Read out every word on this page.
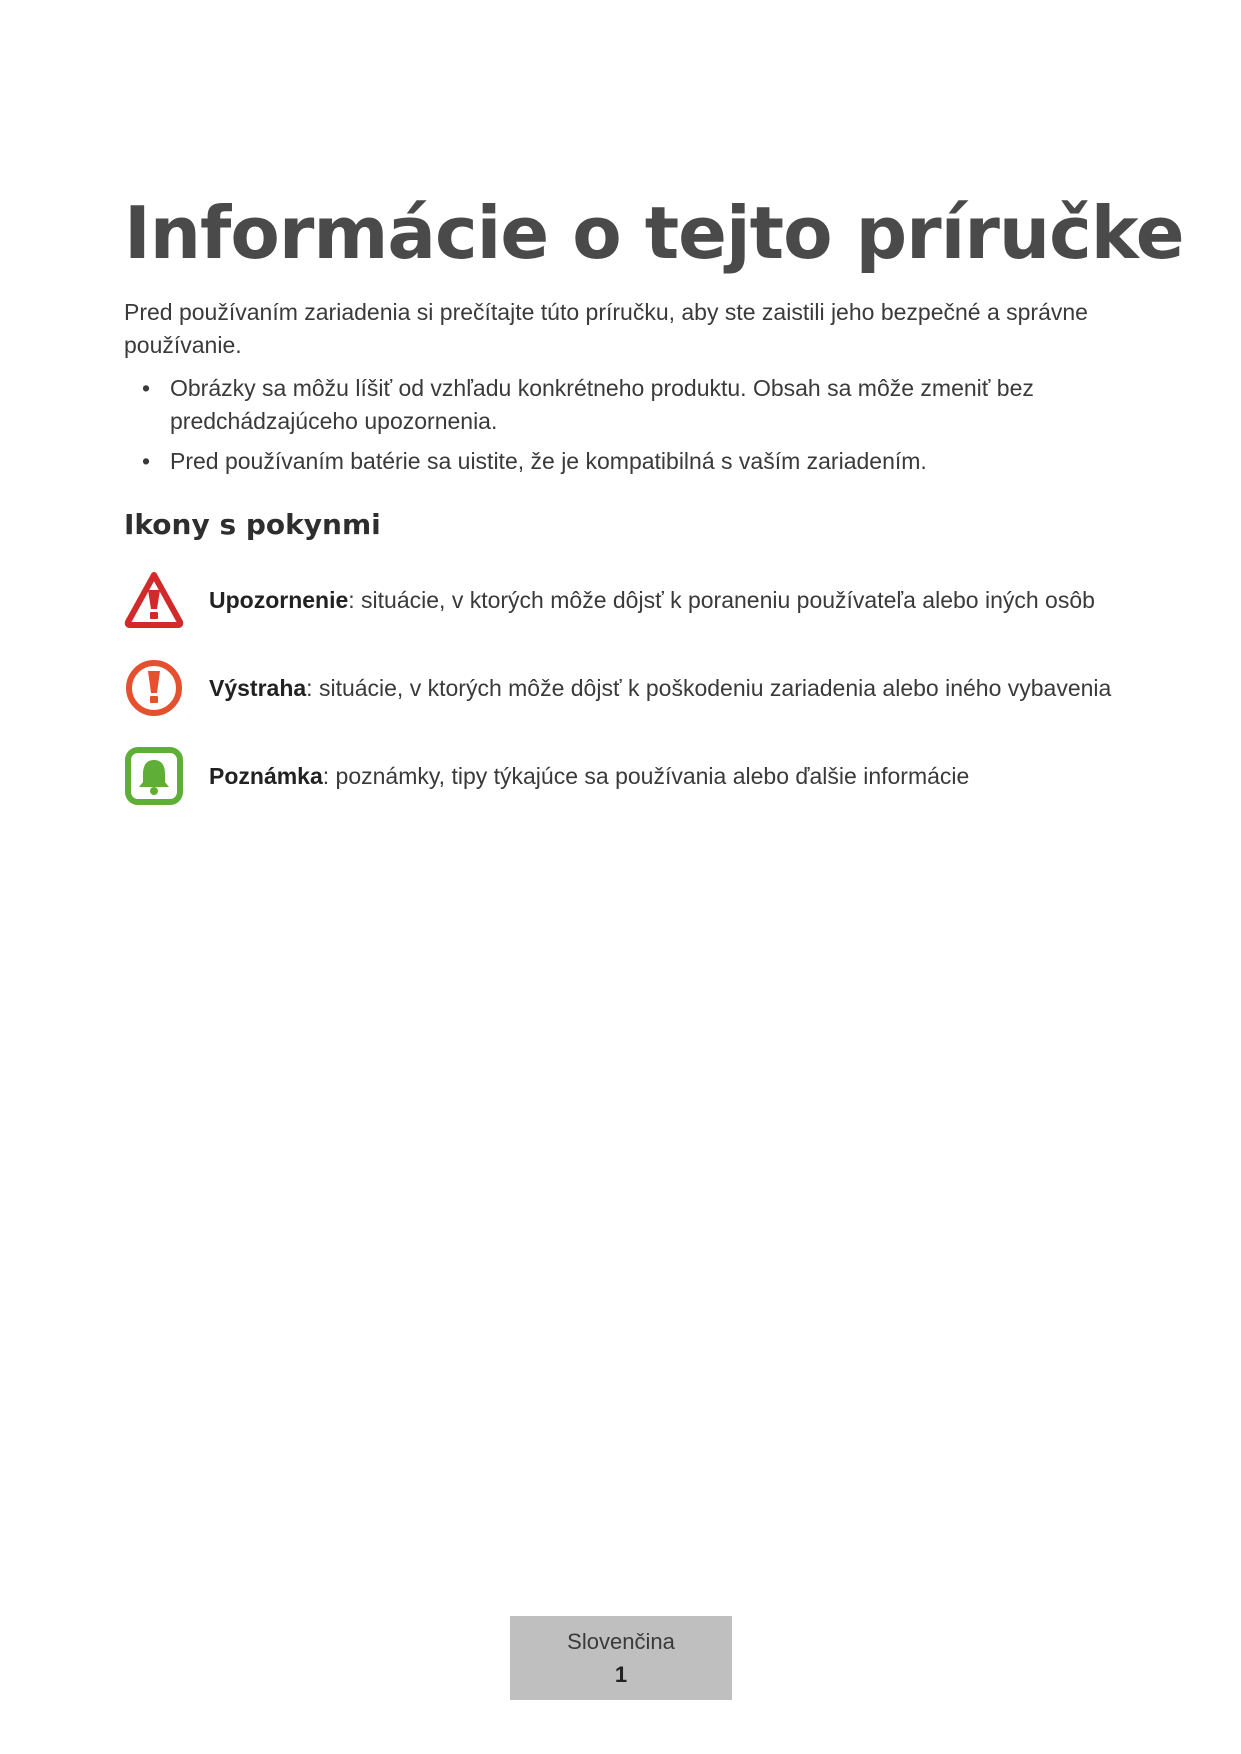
Informácie o tejto príručke

Pred používaním zariadenia si prečítajte túto príručku, aby ste zaistili jeho bezpečné a správne používanie.

• Obrázky sa môžu líšiť od vzhľadu konkrétneho produktu. Obsah sa môže zmeniť bez predchádzajúceho upozornenia.
• Pred používaním batérie sa uistite, že je kompatibilná s vaším zariadením.
Ikony s pokynmi
Upozornenie: situácie, v ktorých môže dôjsť k poraneniu používateľa alebo iných osôb
Výstraha: situácie, v ktorých môže dôjsť k poškodeniu zariadenia alebo iného vybavenia
Poznámka: poznámky, tipy týkajúce sa používania alebo ďalšie informácie
Slovenčina
1
